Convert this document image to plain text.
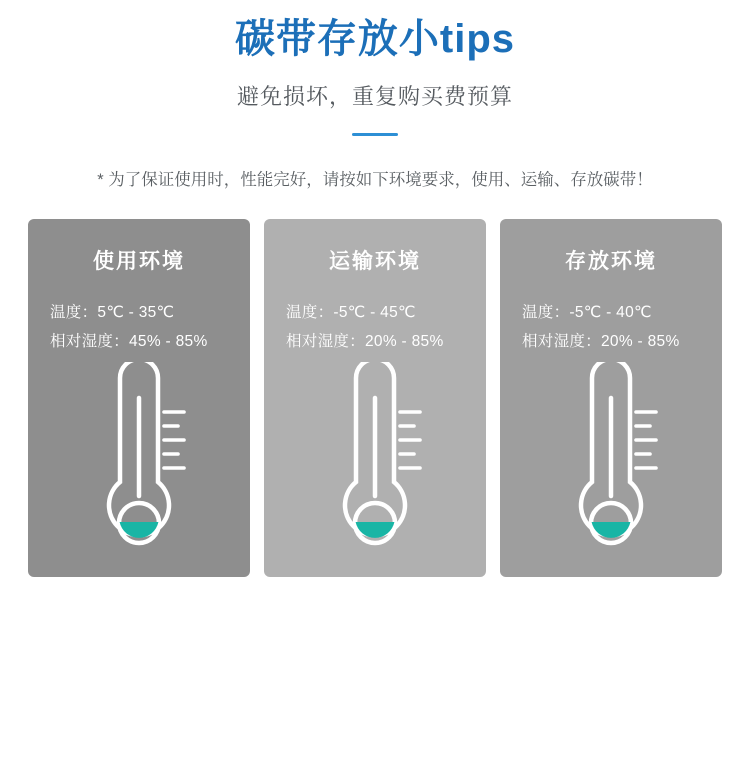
碳带存放小tips
避免损坏，重复购买费预算
* 为了保证使用时，性能完好，请按如下环境要求，使用、运输、存放碳带！
使用环境
温度：5℃ - 35℃
相对湿度：45% - 85%
运输环境
温度：-5℃ - 45℃
相对湿度：20% - 85%
存放环境
温度：-5℃ - 40℃
相对湿度：20% - 85%
